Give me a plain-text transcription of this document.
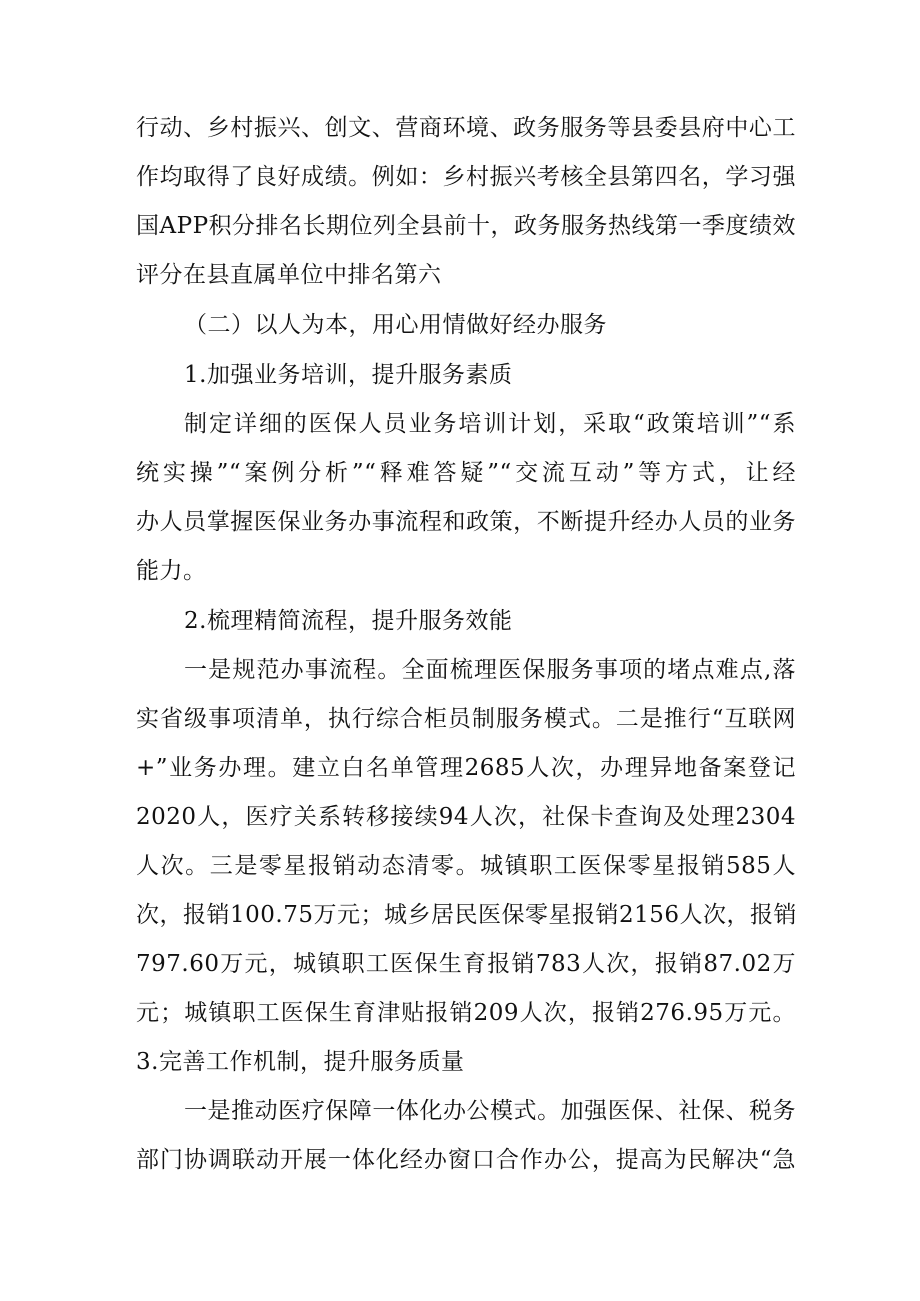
行动、乡村振兴、创文、营商环境、政务服务等县委县府中心工
作均取得了良好成绩。例如：乡村振兴考核全县第四名，学习强
国APP积分排名长期位列全县前十，政务服务热线第一季度绩效
评分在县直属单位中排名第六
（二）以人为本，用心用情做好经办服务
1.加强业务培训，提升服务素质
制定详细的医保人员业务培训计划，采取“政策培训”“系
统实操”“案例分析”“释难答疑”“交流互动”等方式，让经
办人员掌握医保业务办事流程和政策，不断提升经办人员的业务
能力。
2.梳理精简流程，提升服务效能
一是规范办事流程。全面梳理医保服务事项的堵点难点,落
实省级事项清单，执行综合柜员制服务模式。二是推行“互联网
+”业务办理。建立白名单管理2685人次，办理异地备案登记
2020人，医疗关系转移接续94人次，社保卡查询及处理2304
人次。三是零星报销动态清零。城镇职工医保零星报销585人
次，报销100.75万元；城乡居民医保零星报销2156人次，报销
797.60万元，城镇职工医保生育报销783人次，报销87.02万
元；城镇职工医保生育津贴报销209人次，报销276.95万元。
3.完善工作机制，提升服务质量
一是推动医疗保障一体化办公模式。加强医保、社保、税务
部门协调联动开展一体化经办窗口合作办公，提高为民解决“急
